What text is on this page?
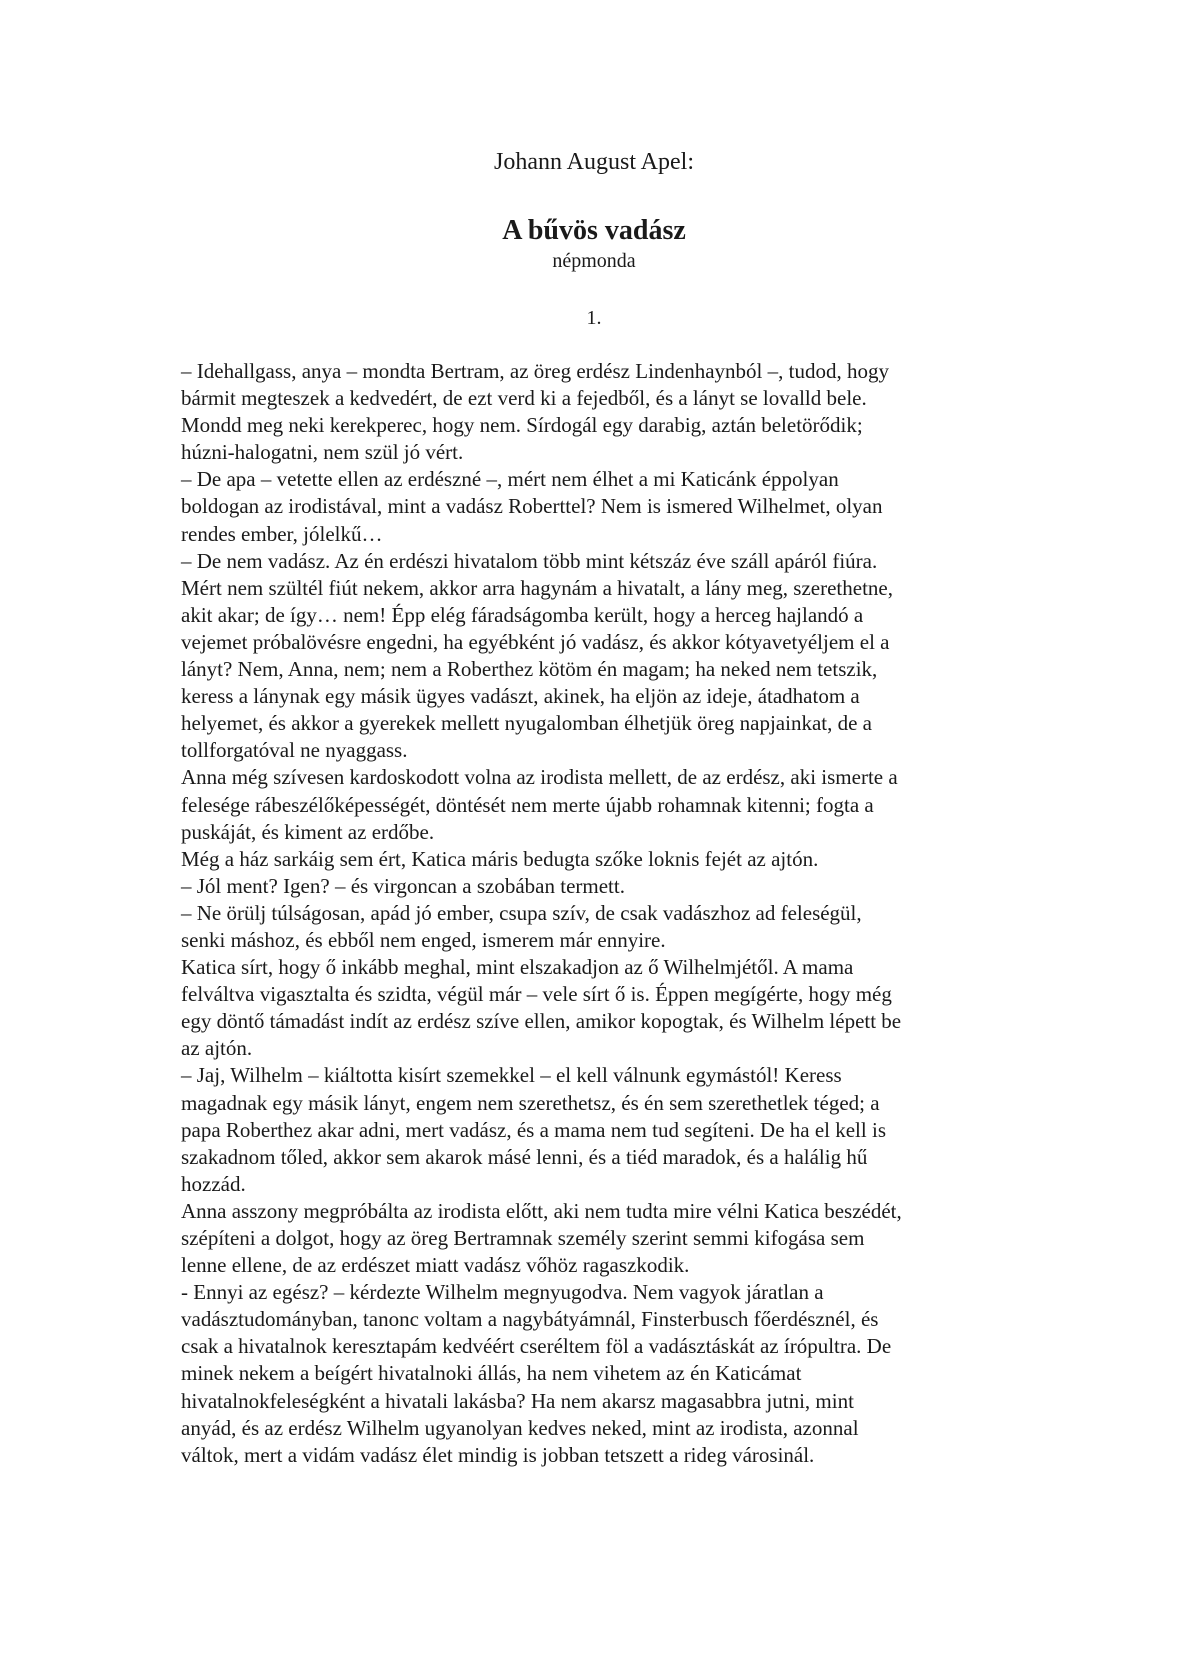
Johann August Apel:
A bűvös vadász
népmonda
1.
– Idehallgass, anya – mondta Bertram, az öreg erdész Lindenhaynból –, tudod, hogy
bármit megteszek a kedvedért, de ezt verd ki a fejedből, és a lányt se lovalld bele.
Mondd meg neki kerekperec, hogy nem. Sírdogál egy darabig, aztán beletörődik;
húzni-halogatni, nem szül jó vért.
– De apa – vetette ellen az erdészné –, mért nem élhet a mi Katicánk éppolyan
boldogan az irodistával, mint a vadász Roberttel? Nem is ismered Wilhelmet, olyan
rendes ember, jólelkű…
– De nem vadász. Az én erdészi hivatalom több mint kétszáz éve száll apáról fiúra.
Mért nem szültél fiút nekem, akkor arra hagynám a hivatalt, a lány meg, szerethetne,
akit akar; de így… nem! Épp elég fáradságomba került, hogy a herceg hajlandó a
vejemet próbalövésre engedni, ha egyébként jó vadász, és akkor kótyavetyéljem el a
lányt? Nem, Anna, nem; nem a Roberthez kötöm én magam; ha neked nem tetszik,
keress a lánynak egy másik ügyes vadászt, akinek, ha eljön az ideje, átadhatom a
helyemet, és akkor a gyerekek mellett nyugalomban élhetjük öreg napjainkat, de a
tollforgatóval ne nyaggass.
Anna még szívesen kardoskodott volna az irodista mellett, de az erdész, aki ismerte a
felesége rábeszélőképességét, döntését nem merte újabb rohamnak kitenni; fogta a
puskáját, és kiment az erdőbe.
Még a ház sarkáig sem ért, Katica máris bedugta szőke loknis fejét az ajtón.
– Jól ment? Igen? – és virgoncan a szobában termett.
– Ne örülj túlságosan, apád jó ember, csupa szív, de csak vadászhoz ad feleségül,
senki máshoz, és ebből nem enged, ismerem már ennyire.
Katica sírt, hogy ő inkább meghal, mint elszakadjon az ő Wilhelmjétől. A mama
felváltva vigasztalta és szidta, végül már – vele sírt ő is. Éppen megígérte, hogy még
egy döntő támadást indít az erdész szíve ellen, amikor kopogtak, és Wilhelm lépett be
az ajtón.
– Jaj, Wilhelm – kiáltotta kisírt szemekkel – el kell válnunk egymástól! Keress
magadnak egy másik lányt, engem nem szerethetsz, és én sem szerethetlek téged; a
papa Roberthez akar adni, mert vadász, és a mama nem tud segíteni. De ha el kell is
szakadnom tőled, akkor sem akarok másé lenni, és a tiéd maradok, és a halálig hű
hozzád.
Anna asszony megpróbálta az irodista előtt, aki nem tudta mire vélni Katica beszédét,
szépíteni a dolgot, hogy az öreg Bertramnak személy szerint semmi kifogása sem
lenne ellene, de az erdészet miatt vadász vőhöz ragaszkodik.
- Ennyi az egész? – kérdezte Wilhelm megnyugodva. Nem vagyok járatlan a
vadásztudományban, tanonc voltam a nagybátyámnál, Finsterbusch főerdésznél, és
csak a hivatalnok keresztapám kedvéért cseréltem föl a vadásztáskát az írópultra. De
minek nekem a beígért hivatalnoki állás, ha nem vihetem az én Katicámat
hivatalnokfeleségként a hivatali lakásba? Ha nem akarsz magasabbra jutni, mint
anyád, és az erdész Wilhelm ugyanolyan kedves neked, mint az irodista, azonnal
váltok, mert a vidám vadász élet mindig is jobban tetszett a rideg városinál.
